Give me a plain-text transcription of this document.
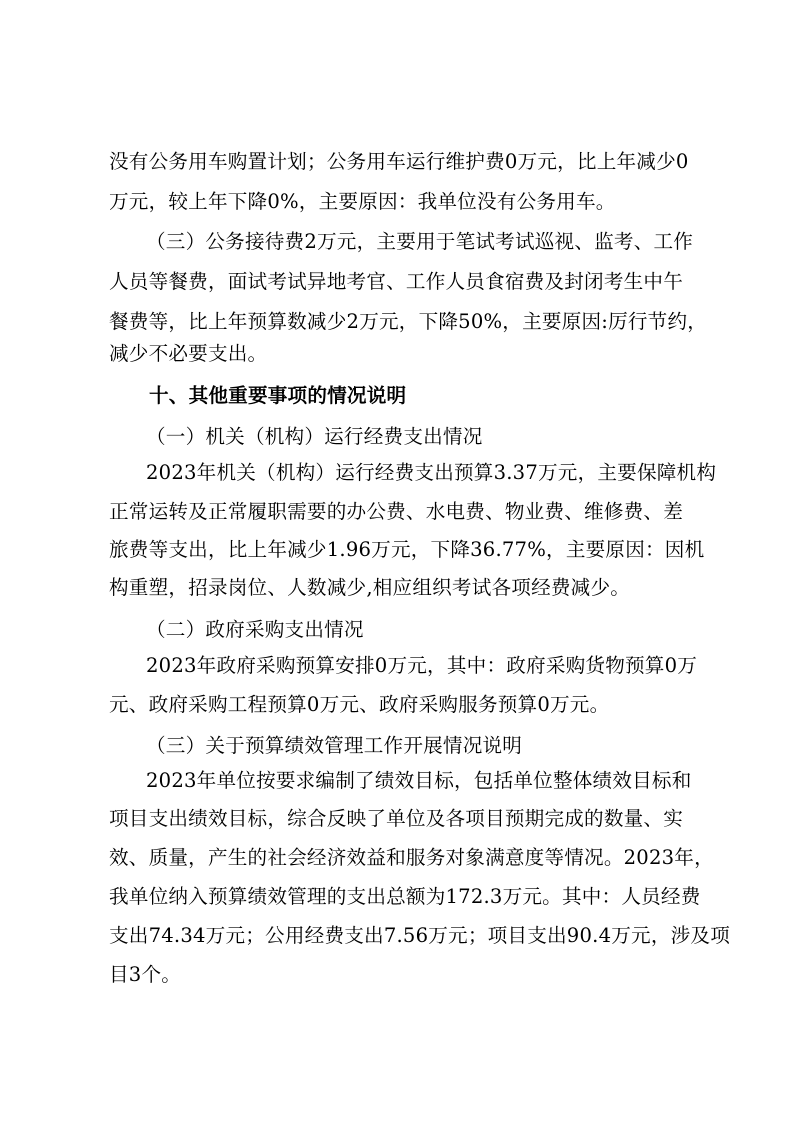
没有公务用车购置计划；公务用车运行维护费0万元，比上年减少0
万元，较上年下降0%，主要原因：我单位没有公务用车。
（三）公务接待费2万元，主要用于笔试考试巡视、监考、工作
人员等餐费，面试考试异地考官、工作人员食宿费及封闭考生中午
餐费等，比上年预算数减少2万元，下降50%，主要原因:厉行节约，
减少不必要支出。
十、其他重要事项的情况说明
（一）机关（机构）运行经费支出情况
2023年机关（机构）运行经费支出预算3.37万元，主要保障机构
正常运转及正常履职需要的办公费、水电费、物业费、维修费、差
旅费等支出，比上年减少1.96万元，下降36.77%，主要原因：因机
构重塑，招录岗位、人数减少,相应组织考试各项经费减少。
（二）政府采购支出情况
2023年政府采购预算安排0万元，其中：政府采购货物预算0万
元、政府采购工程预算0万元、政府采购服务预算0万元。
（三）关于预算绩效管理工作开展情况说明
2023年单位按要求编制了绩效目标，包括单位整体绩效目标和
项目支出绩效目标，综合反映了单位及各项目预期完成的数量、实
效、质量，产生的社会经济效益和服务对象满意度等情况。2023年，
我单位纳入预算绩效管理的支出总额为172.3万元。其中：人员经费
支出74.34万元；公用经费支出7.56万元；项目支出90.4万元，涉及项
目3个。
